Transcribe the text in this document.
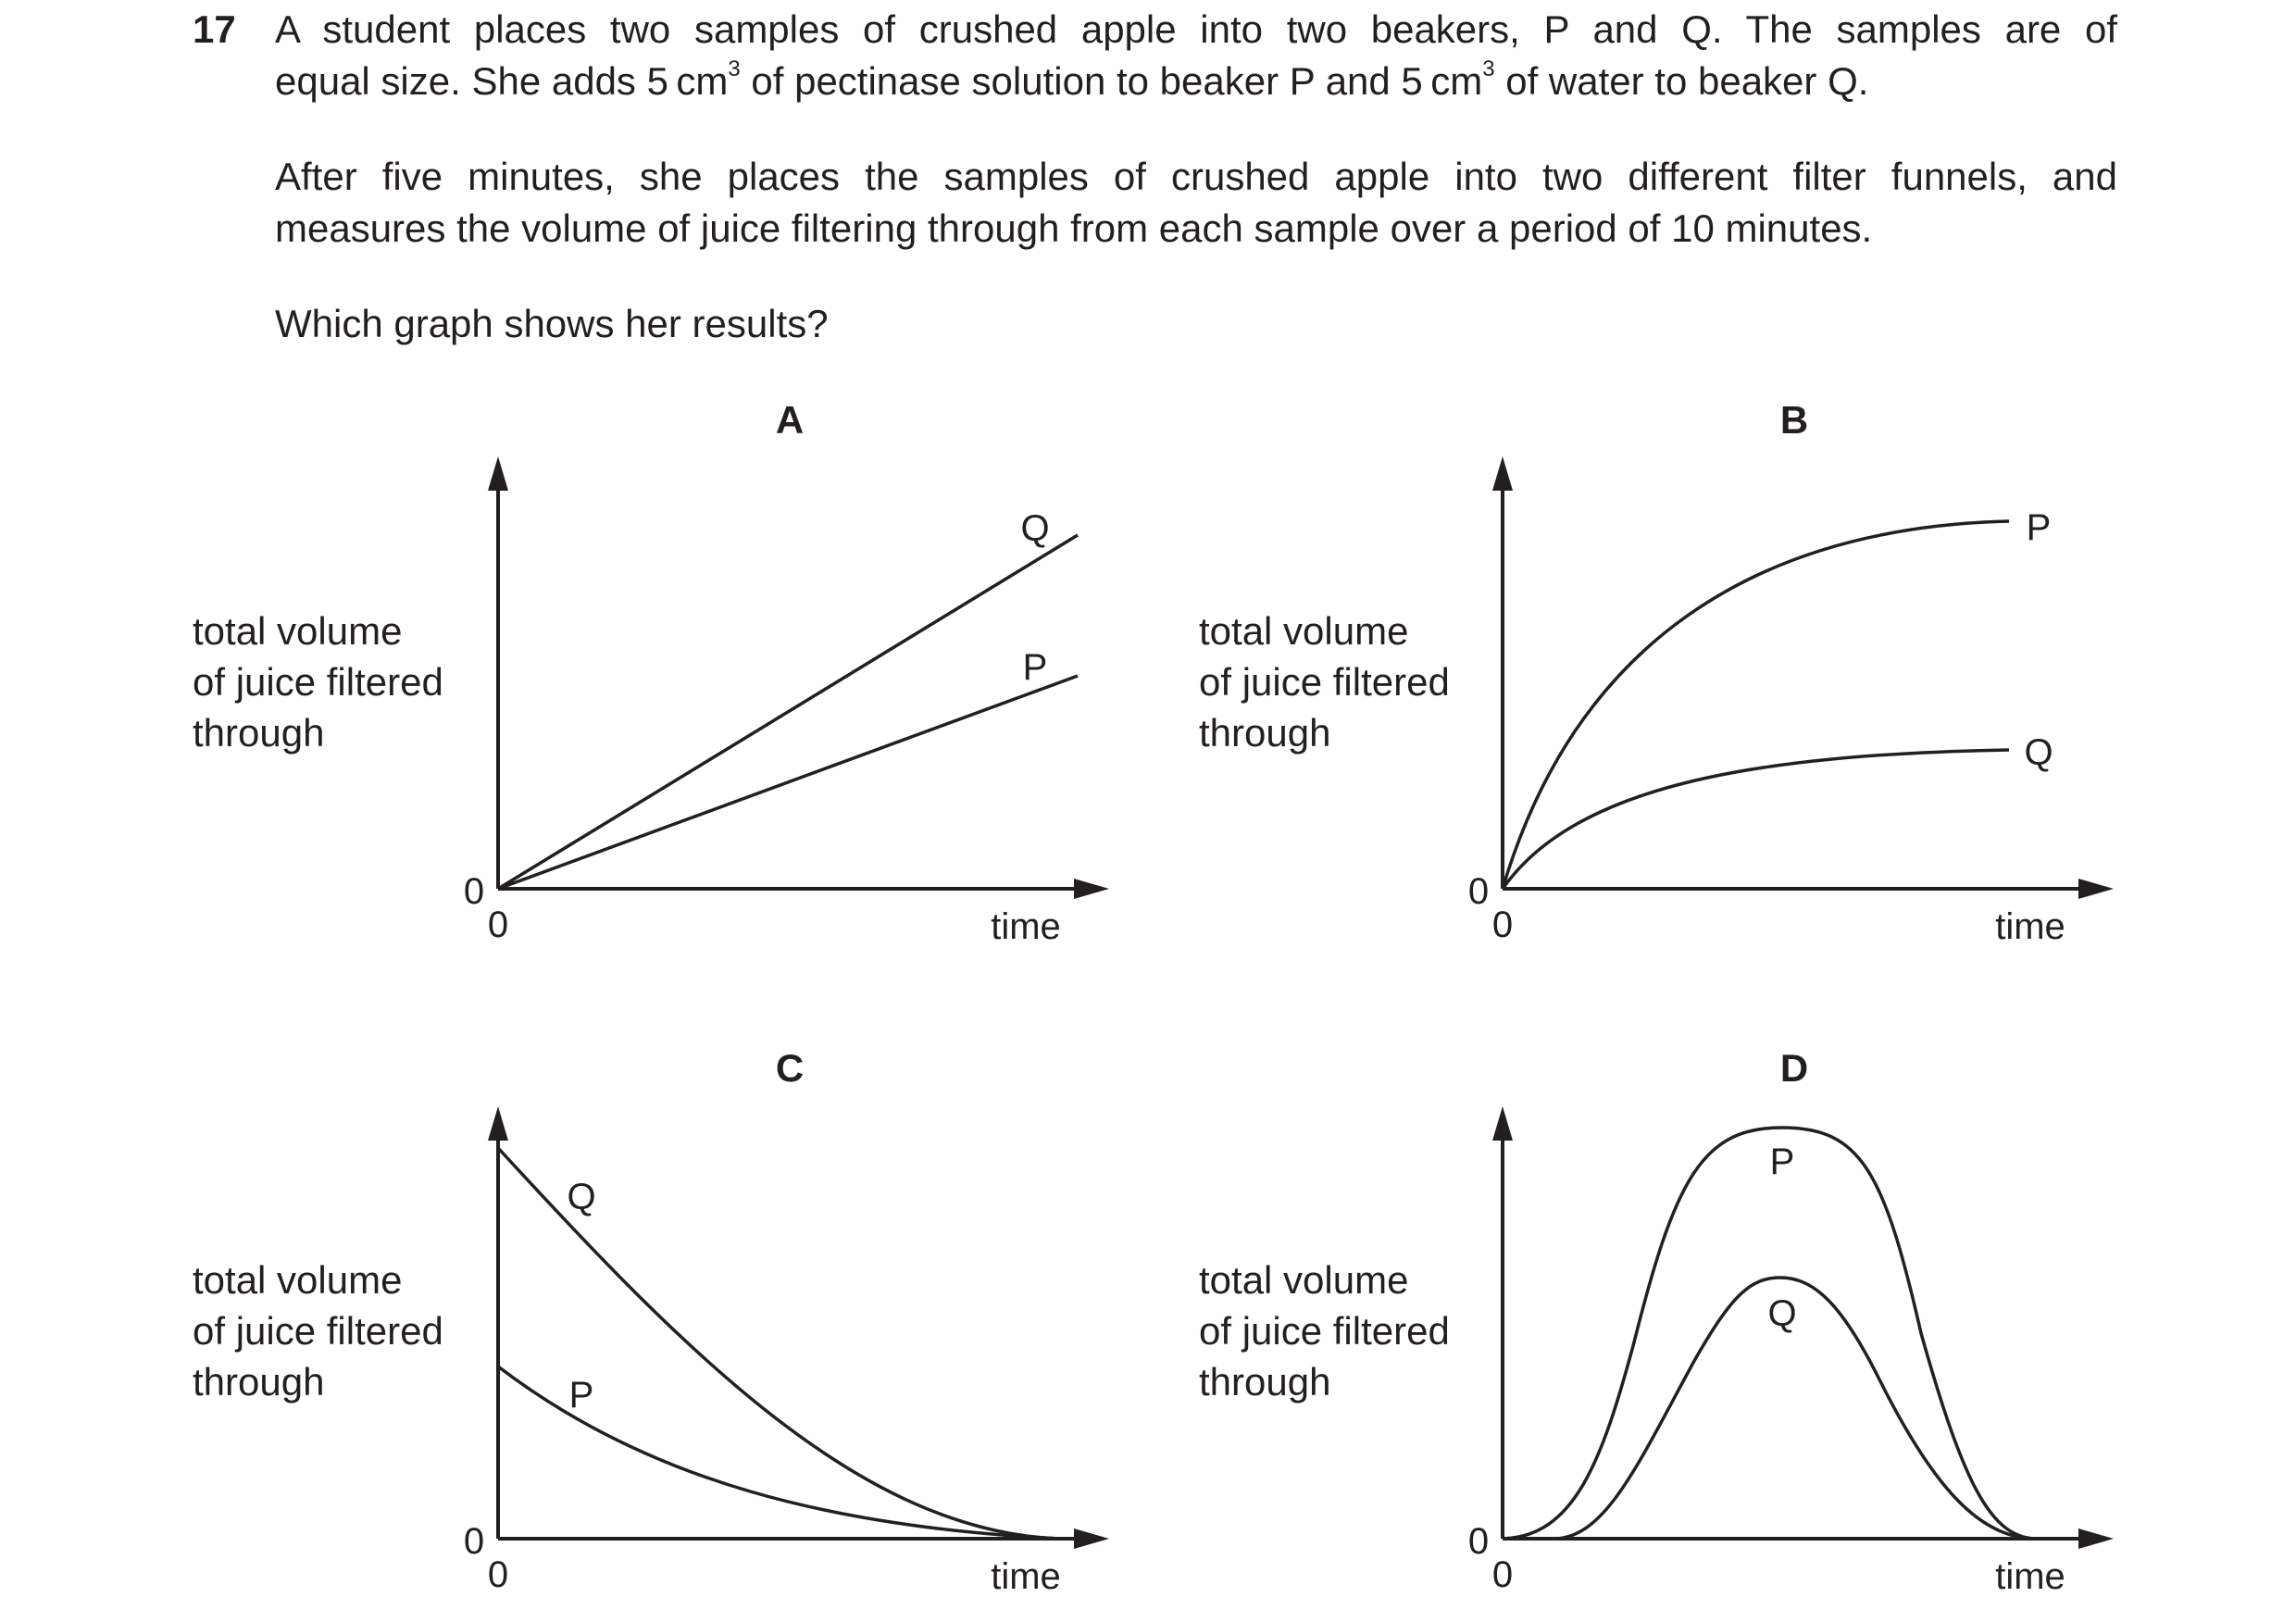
17 A student places two samples of crushed apple into two beakers, P and Q. The samples are of
equal size. She adds 5 $cm^3$ of pectinase solution to beaker P and 5 $cm^3$ of water to beaker Q.
After five minutes, she places the samples of crushed apple into two different filter funnels, and
measures the volume of juice filtering through from each sample over a period of 10 minutes.
Which graph shows her results?
A
total volume
of juice filtered
through
0
0	time
Q
P
B
total volume
of juice filtered
through
0
0	time
P
Q
C
total volume
of juice filtered
through
0
0	time
Q
P
D
total volume
of juice filtered
through
0
0	time
P
Q
